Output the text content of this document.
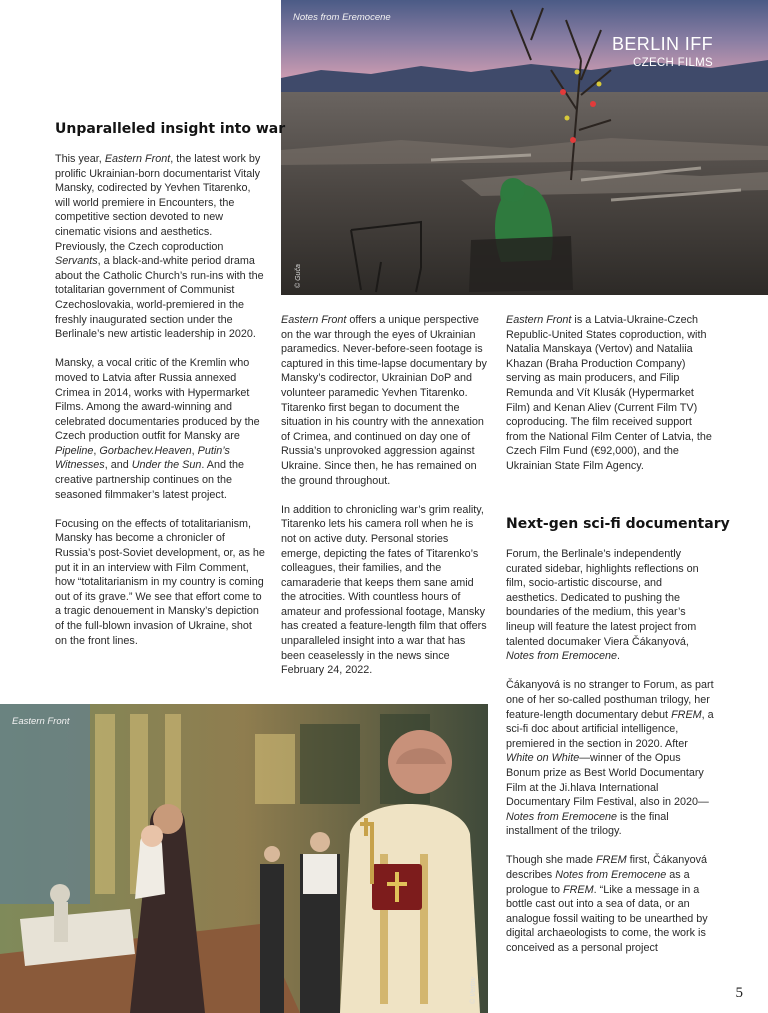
Notes from Eremocene
© Guča
BERLIN IFF
CZECH FILMS
Unparalleled insight into war

This year, Eastern Front, the latest work by prolific Ukrainian-born documentarist Vitaly Mansky, codirected by Yevhen Titarenko, will world premiere in Encounters, the competitive section devoted to new cinematic visions and aesthetics. Previously, the Czech coproduction Servants, a black-and-white period drama about the Catholic Church’s run-ins with the totalitarian government of Communist Czechoslovakia, world-premiered in the freshly inaugurated section under the Berlinale’s new artistic leadership in 2020.

Mansky, a vocal critic of the Kremlin who moved to Latvia after Russia annexed Crimea in 2014, works with Hypermarket Films. Among the award-winning and celebrated documentaries produced by the Czech production outfit for Mansky are Pipeline, Gorbachev.Heaven, Putin’s Witnesses, and Under the Sun. And the creative partnership continues on the seasoned filmmaker’s latest project.

Focusing on the effects of totalitarianism, Mansky has become a chronicler of Russia’s post-Soviet development, or, as he put it in an interview with Film Comment, how “totalitarianism in my country is coming out of its grave.” We see that effort come to a tragic denouement in Mansky’s depiction of the full-blown invasion of Ukraine, shot on the front lines.

Eastern Front offers a unique perspective on the war through the eyes of Ukrainian paramedics. Never-before-seen footage is captured in this time-lapse documentary by Mansky’s codirector, Ukrainian DoP and volunteer paramedic Yevhen Titarenko. Titarenko first began to document the situation in his country with the annexation of Crimea, and continued on day one of Russia’s unprovoked aggression against Ukraine. Since then, he has remained on the ground throughout.

In addition to chronicling war’s grim reality, Titarenko lets his camera roll when he is not on active duty. Personal stories emerge, depicting the fates of Titarenko’s colleagues, their families, and the camaraderie that keeps them sane amid the atrocities. With countless hours of amateur and professional footage, Mansky has created a feature-length film that offers unparalleled insight into a war that has been ceaselessly in the news since February 24, 2022.

Eastern Front is a Latvia-Ukraine-Czech Republic-United States coproduction, with Natalia Manskaya (Vertov) and Nataliia Khazan (Braha Production Company) serving as main producers, and Filip Remunda and Vít Klusák (Hypermarket Film) and Kenan Aliev (Current Film TV) coproducing. The film received support from the National Film Center of Latvia, the Czech Film Fund (€92,000), and the Ukrainian State Film Agency.

Next-gen sci-fi documentary

Forum, the Berlinale’s independently curated sidebar, highlights reflections on film, socio-artistic discourse, and aesthetics. Dedicated to pushing the boundaries of the medium, this year’s lineup will feature the latest project from talented documaker Viera Čákanyová, Notes from Eremocene.

Čákanyová is no stranger to Forum, as part one of her so-called posthuman trilogy, her feature-length documentary debut FREM, a sci-fi doc about artificial intelligence, premiered in the section in 2020. After White on White—winner of the Opus Bonum prize as Best World Documentary Film at the Ji.hlava International Documentary Film Festival, also in 2020—Notes from Eremocene is the final installment of the trilogy.

Though she made FREM first, Čákanyová describes Notes from Eremocene as a prologue to FREM. “Like a message in a bottle cast out into a sea of data, or an analogue fossil waiting to be unearthed by digital archaeologists to come, the work is conceived as a personal project

Eastern Front
© Vertov	5
